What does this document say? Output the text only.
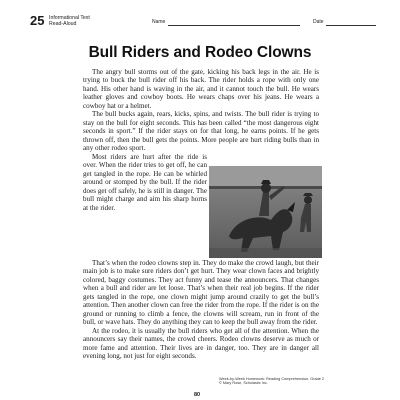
25 Informational Text
Read-Aloud	Name	Date
Bull Riders and Rodeo Clowns

The angry bull storms out of the gate, kicking his back legs in the air. He is trying to buck the bull rider off his back. The rider holds a rope with only one hand. His other hand is waving in the air, and it cannot touch the bull. He wears leather gloves and cowboy boots. He wears chaps over his jeans. He wears a cowboy hat or a helmet.

The bull bucks again, rears, kicks, spins, and twists. The bull rider is trying to stay on the bull for eight seconds. This has been called “the most dangerous eight seconds in sport.” If the rider stays on for that long, he earns points. If he gets thrown off, then the bull gets the points. More people are hurt riding bulls than in any other rodeo sport.

Most riders are hurt after the ride is over. When the rider tries to get off, he can get tangled in the rope. He can be whirled around or stomped by the bull. If the rider does get off safely, he is still in danger. The bull might charge and aim his sharp horns at the rider.

That’s when the rodeo clowns step in. They do make the crowd laugh, but their main job is to make sure riders don’t get hurt. They wear clown faces and brightly colored, baggy costumes. They act funny and tease the announcers. That changes when a bull and rider are let loose. That’s when their real job begins. If the rider gets tangled in the rope, one clown might jump around crazily to get the bull’s attention. Then another clown can free the rider from the rope. If the rider is on the ground or running to climb a fence, the clowns will scream, run in front of the bull, or wave hats. They do anything they can to keep the bull away from the rider.

At the rodeo, it is usually the bull riders who get all of the attention. When the announcers say their names, the crowd cheers. Rodeo clowns deserve as much or more fame and attention. Their lives are in danger, too. They are in danger all evening long, not just for eight seconds.

Week-by-Week Homework: Reading Comprehension, Grade 2
© Mary Rose, Scholastic Inc.
80
